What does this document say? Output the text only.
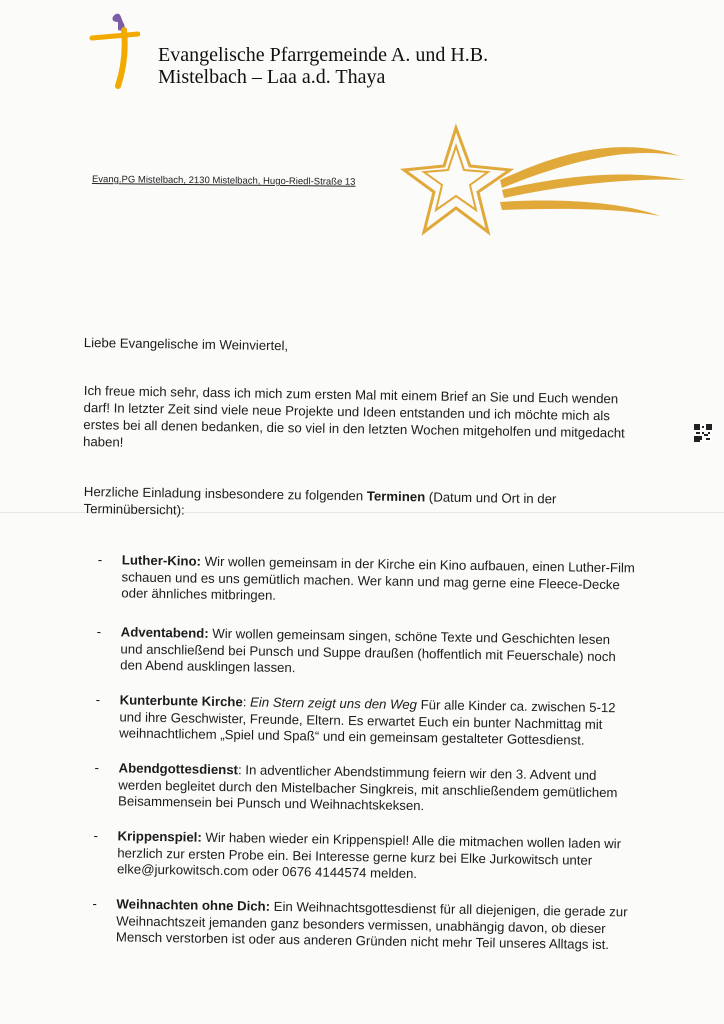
Evangelische Pfarrgemeinde A. und H.B.
Mistelbach – Laa a.d. Thaya
Evang.PG Mistelbach, 2130 Mistelbach, Hugo-Riedl-Straße 13
Liebe Evangelische im Weinviertel,
Ich freue mich sehr, dass ich mich zum ersten Mal mit einem Brief an Sie und Euch wenden darf! In letzter Zeit sind viele neue Projekte und Ideen entstanden und ich möchte mich als erstes bei all denen bedanken, die so viel in den letzten Wochen mitgeholfen und mitgedacht haben!
Herzliche Einladung insbesondere zu folgenden Terminen (Datum und Ort in der Terminübersicht):
- Luther-Kino: Wir wollen gemeinsam in der Kirche ein Kino aufbauen, einen Luther-Film schauen und es uns gemütlich machen. Wer kann und mag gerne eine Fleece-Decke oder ähnliches mitbringen.
- Adventabend: Wir wollen gemeinsam singen, schöne Texte und Geschichten lesen und anschließend bei Punsch und Suppe draußen (hoffentlich mit Feuerschale) noch den Abend ausklingen lassen.
- Kunterbunte Kirche: Ein Stern zeigt uns den Weg Für alle Kinder ca. zwischen 5-12 und ihre Geschwister, Freunde, Eltern. Es erwartet Euch ein bunter Nachmittag mit weihnachtlichem „Spiel und Spaß“ und ein gemeinsam gestalteter Gottesdienst.
- Abendgottesdienst: In adventlicher Abendstimmung feiern wir den 3. Advent und werden begleitet durch den Mistelbacher Singkreis, mit anschließendem gemütlichem Beisammensein bei Punsch und Weihnachtskeksen.
- Krippenspiel: Wir haben wieder ein Krippenspiel! Alle die mitmachen wollen laden wir herzlich zur ersten Probe ein. Bei Interesse gerne kurz bei Elke Jurkowitsch unter elke@jurkowitsch.com oder 0676 4144574 melden.
- Weihnachten ohne Dich: Ein Weihnachtsgottesdienst für all diejenigen, die gerade zur Weihnachtszeit jemanden ganz besonders vermissen, unabhängig davon, ob dieser Mensch verstorben ist oder aus anderen Gründen nicht mehr Teil unseres Alltags ist.
